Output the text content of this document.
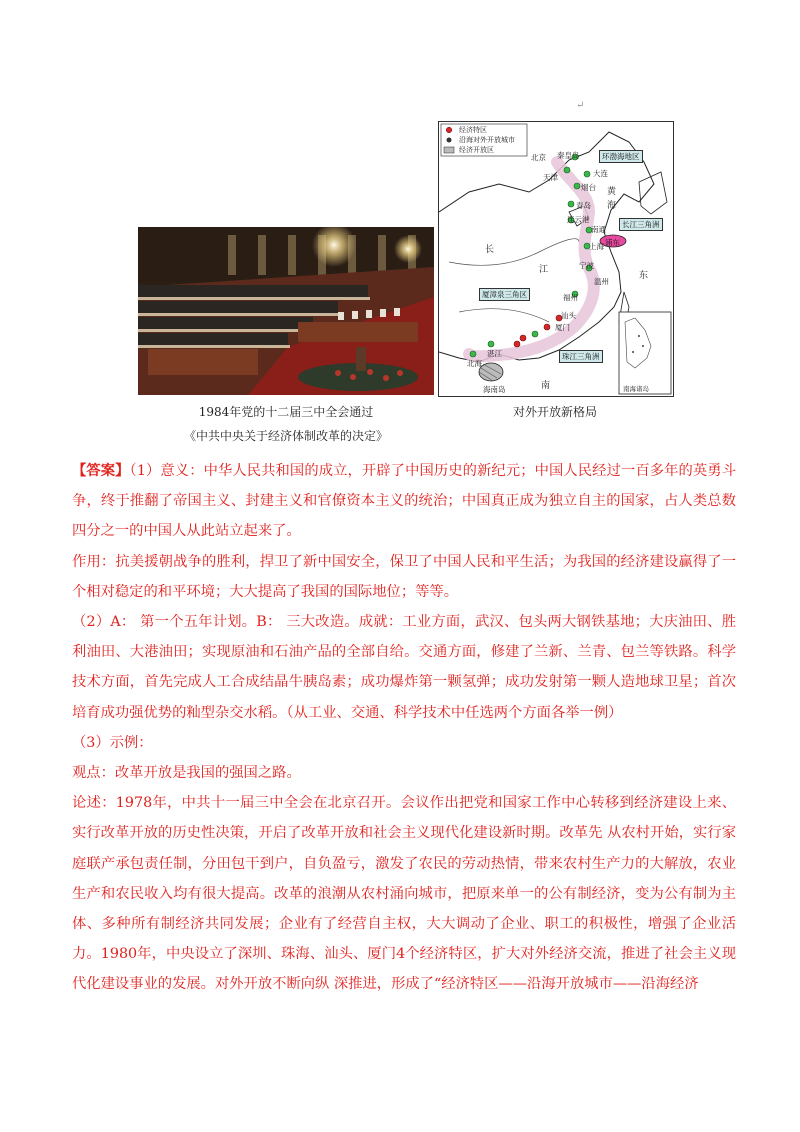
↵
1984年党的十二届三中全会通过
《中共中央关于经济体制改革的决定》
经济特区
沿海对外开放城市
经济开放区
环渤海地区
长江三角洲
浦东
厦漳泉三角区
珠江三角洲
北京 秦皇岛
天津	大连
烟台
青岛
连云港
南通
上海
宁波
温州
福州
厦门
汕头
北海
湛江
海南岛
黄
海
东
长
江
南	南海诸岛
对外开放新格局

【答案】（1）意义：中华人民共和国的成立，开辟了中国历史的新纪元；中国人民经过一百多年的英勇斗争，终于推翻了帝国主义、封建主义和官僚资本主义的统治；中国真正成为独立自主的国家，占人类总数四分之一的中国人从此站立起来了。

作用：抗美援朝战争的胜利，捍卫了新中国安全，保卫了中国人民和平生活；为我国的经济建设赢得了一个相对稳定的和平环境；大大提高了我国的国际地位；等等。

（2）A： 第一个五年计划。B： 三大改造。成就：工业方面，武汉、包头两大钢铁基地；大庆油田、胜利油田、大港油田；实现原油和石油产品的全部自给。交通方面，修建了兰新、兰青、包兰等铁路。科学技术方面，首先完成人工合成结晶牛胰岛素；成功爆炸第一颗氢弹；成功发射第一颗人造地球卫星；首次培育成功强优势的籼型杂交水稻。（从工业、交通、科学技术中任选两个方面各举一例）

（3）示例：

观点：改革开放是我国的强国之路。

论述：1978年，中共十一届三中全会在北京召开。会议作出把党和国家工作中心转移到经济建设上来、实行改革开放的历史性决策，开启了改革开放和社会主义现代化建设新时期。改革先 从农村开始，实行家庭联产承包责任制，分田包干到户，自负盈亏，激发了农民的劳动热情，带来农村生产力的大解放，农业生产和农民收入均有很大提高。改革的浪潮从农村涌向城市，把原来单一的公有制经济，变为公有制为主体、多种所有制经济共同发展；企业有了经营自主权，大大调动了企业、职工的积极性，增强了企业活力。1980年，中央设立了深圳、珠海、汕头、厦门4个经济特区，扩大对外经济交流，推进了社会主义现代化建设事业的发展。对外开放不断向纵 深推进，形成了“经济特区——沿海开放城市——沿海经济
